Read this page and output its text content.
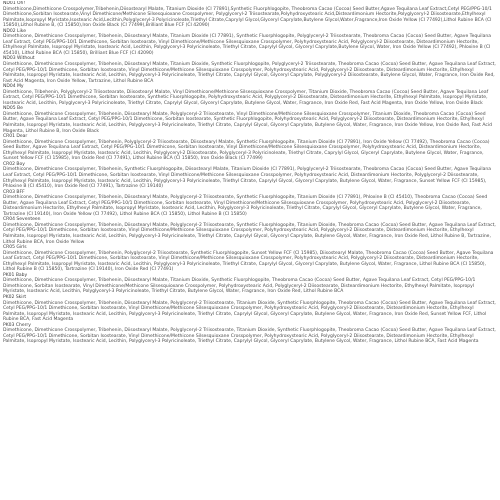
ND01 Oh!
Dimethicone,Dimethicone Crosspolymer,Tribehenin,Diisostearyl Malate, Titanium Dioxide (CI 77891),Synthetic Fluorphlogopite, Theobroma Cacao (Cocoa) Seed Butter,Agave Tequilana Leaf Extract,Cetyl PEG/PPG-10/1 Dimethicone,Sorbitan Isostearate,Vinyl Dimethicone/Methicone Silsesquioxane Crosspolymer, Polyglyceryl-2 Triisostearate,Polyhydroxystearic Acid,Disteardimonium Hectorite,Polyglyceryl-2 Diisostearate,Ethylhexyl Palmitate,Isopropyl Myristate,Isostearic Acid,Lecithin,Polyglyceryl-3 Polyricinoleate,Triethyl Citrate,Caprylyl Glycol,Glyceryl Caprylate,Butylene Glycol,Water,Fragrance,Iron Oxide Yellow (CI 77492),Lithol Rubine BCA (CI 15850),Lithol Rubine B, (CI 15850),Iron Oxide Black (CI 77499),Brilliant Blue FCF (CI 42090)
ND02 Like
Dimethicone, Dimethicone Crosspolymer, Tribehenin, Diisostearyl Malate, Titanium Dioxide (CI 77891), Synthetic Fluorphlogopite, Polyglyceryl-2 Triisostearate, Theobroma Cacao (Cocoa) Seed Butter, Agave Tequilana Leaf Extract, Cetyl PEG/PPG-10/1 Dimethicone, Sorbitan Isostearate, Vinyl Dimethicone/Methicone Silsesquioxane Crosspolymer, Polyhydroxystearic Acid, Polyglyceryl-2 Diisostearate, Disteardimonium Hectorite, Ethylhexyl Palmitate, Isopropyl Myristate, Isostearic Acid, Lecithin, Polyglyceryl-3 Polyricinoleate, Triethyl Citrate, Caprylyl Glycol, Glyceryl Caprylate,Butylene Glycol, Water, Iron Oxide Yellow (CI 77492), Phloxine B (CI 45410), Lithol Rubine BCA (CI 15850), Brilliant Blue FCF (CI 42090)
ND03 Without
Dimethicone, Dimethicone Crosspolymer, Tribehenin, Diisostearyl Malate, Titanium Dioxide, Synthetic Fluorphlogopite, Polyglyceryl-2 Triisostearate, Theobroma Cacao (Cocoa) Seed Butter, Agave Tequilana Leaf Extract, Cetyl PEG/PPG-10/1 Dimethicone, Sorbitan Isostearate, Vinyl Dimethicone/Methicone Silsesquioxane Crosspolymer, Polyhydroxystearic Acid, Polyglyceryl-2 Diisostearate, Disteardimonium Hectorite, Ethylhexyl Palmitate, Isopropyl Myristate, Isostearic Acid, Lecithin, Polyglyceryl-3 Polyricinoleate, Triethyl Citrate, Caprylyl Glycol, Glyceryl Caprylate, Polyglyceryl-2 Diisostearate, Butylene Glycol, Water, Fragrance, Iron Oxide Red, Fast Acid Magenta, Iron Oxide Yellow, Tartrazine, Lithol Rubine BCA
ND04 My
Dimethicone, Tribehenin, Polyglyceryl-2 Triisostearate, Diisostearyl Malate, Vinyl Dimethicone/Methicone Silsesquioxane Crosspolymer, Titanium Dioxide, Theobroma Cacao (Cocoa) Seed Butter, Agave Tequilana Leaf Extract, Cetyl PEG/PPG-10/1 Dimethicone, Sorbitan Isostearate, Synthetic Fluorphlogopite, Polyhydroxystearic Acid, Polyglyceryl-2 Diisostearate, Disteardimonium Hectorite, Ethylhexyl Palmitate, Isopropyl Myristate, Isostearic Acid, Lecithin, Polyglyceryl-3 Polyricinoleate, Triethyl Citrate, Caprylyl Glycol, Glyceryl Caprylate, Butylene Glycol, Water, Fragrance, Iron Oxide Red, Fast Acid Magenta, Iron Oxide Yellow, Iron Oxide Black
ND05 Be
Dimethicone, Dimethicone Crosspolymer, Tribehenin, Diisostearyl Malate, Polyglyceryl-2 Triisostearate, Vinyl Dimethicone/Methicone Silsesquioxane Crosspolymer, Titanium Dioxide, Theobroma Cacao (Cocoa) Seed Butter, Agave Tequilana Leaf Extract, Cetyl PEG/PPG-10/1 Dimethicone, Sorbitan Isostearate, Synthetic Fluorphlogopite, Polyhydroxystearic Acid, Polyglyceryl-2 Diisostearate, Disteardimonium Hectorite, Ethylhexyl Palmitate, Isopropyl Myristate, Isostearic Acid, Lecithin, Polyglyceryl-3 Polyricinoleate, Triethyl Citrate, Caprylyl Glycol, Glyceryl Caprylate, Butylene Glycol, Water, Fragrance, Iron Oxide Yellow, Iron Oxide Red, Fast Acid Magenta, Lithol Rubine B, Iron Oxide Black
CR01 Dear
Dimethicone, Dimethicone Crosspolymer, Tribehenin, Polyglyceryl-2 Triisostearate, Diisostearyl Malate, Synthetic Fluorphlogopite, Titanium Dioxide (CI 77891), Iron Oxide Yellow (CI 77492), Theobroma Cacao (Cocoa) Seed Butter, Agave Tequilana Leaf Extract, Cetyl PEG/PPG-10/1 Dimethicone, Sorbitan Isostearate, Vinyl Dimethicone/Methicone Silsesquioxane Crosspolymer, Polyhydroxystearic Acid, Disteardimonium Hectorite, Ethylhexyl Palmitate, Isopropyl Myristate, Isostearic Acid, Lecithin, Polyglyceryl-2 Diisostearate, Polyglyceryl-3 Polyricinoleate, Triethyl Citrate, Caprylyl Glycol, Glyceryl Caprylate, Butylene Glycol, Water, Fragrance, Sunset Yellow FCF (CI 15985), Iron Oxide Red (CI 77491), Lithol Rubine BCA (CI 15850), Iron Oxide Black (CI 77499)
CR02 Boy
Dimethicone, Dimethicone Crosspolymer, Tribehenin, Synthetic Fluorphlogopite, Diisostearyl Malate, Titanium Dioxide (CI 77891), Polyglyceryl-2 Triisostearate, Theobroma Cacao (Cocoa) Seed Butter, Agave Tequilana Leaf Extract, Cetyl PEG/PPG-10/1 Dimethicone, Sorbitan Isostearate, Vinyl Dimethicone/Methicone Silsesquioxane Crosspolymer, Polyhydroxystearic Acid, Disteardimonium Hectorite, Polyglyceryl-2 Diisostearate, Ethylhexyl Palmitate, Isopropyl Myristate, Isostearic Acid, Lecithin, Polyglyceryl-3 Polyricinoleate, Triethyl Citrate, Caprylyl Glycol, Glyceryl Caprylate, Butylene Glycol, Water, Fragrance, Sunset Yellow FCF (CI 15985), Phloxine B (CI 45410), Iron Oxide Red (CI 77491), Tartrazine (CI 19140)
CR03 BFF
Dimethicone, Dimethicone Crosspolymer, Tribehenin, Diisostearyl Malate, Polyglyceryl-2 Triisostearate, Synthetic Fluorphlogopite, Titanium Dioxide (CI 77891), Phloxine B (CI 45410), Theobroma Cacao (Cocoa) Seed Butter, Agave Tequilana Leaf Extract, Cetyl PEG/PPG-10/1 Dimethicone, Sorbitan Isostearate, Vinyl Dimethicone/Methicone Silsesquioxane Crosspolymer, Polyhydroxystearic Acid, Polyglyceryl-2 Diisostearate, Disteardimonium Hectorite, Ethylhexyl Palmitate, Isopropyl Myristate, Isostearic Acid, Lecithin, Polyglyceryl-3 Polyricinoleate, Triethyl Citrate, Caprylyl Glycol, Glyceryl Caprylate, Butylene Glycol, Water, Fragrance, Tartrazine (CI 19140), Iron Oxide Yellow (CI 77492), Lithol Rubine BCA (CI 15850), Lithol Rubine B (CI 15850)
CR04 Seventeen
Dimethicone, Dimethicone Crosspolymer, Tribehenin, Diisostearyl Malate, Polyglyceryl-2 Triisostearate, Synthetic Fluorphlogopite, Titanium Dioxide, Theobroma Cacao (Cocoa) Seed Butter, Agave Tequilana Leaf Extract, Cetyl PEG/PPG-10/1 Dimethicone, Sorbitan Isostearate, Vinyl Dimethicone/Methicone Silsesquioxane Crosspolymer, Polyhydroxystearic Acid, Polyglyceryl-2 Diisostearate, Disteardimonium Hectorite, Ethylhexyl Palmitate, Isopropyl Myristate, Isostearic Acid, Lecithin, Polyglyceryl-3 Polyricinoleate, Triethyl Citrate, Caprylyl Glycol, Glyceryl Caprylate, Butylene Glycol, Water, Fragrance, Iron Oxide Red, Lithol Rubine B, Tartrazine, Lithol Rubine BCA, Iron Oxide Yellow
CR05 Girls
Dimethicone, Dimethicone Crosspolymer, Tribehenin, Polyglyceryl-2 Triisostearate, Synthetic Fluorphlogopite, Sunset Yellow FCF (CI 15985), Diisostearyl Malate, Theobroma Cacao (Cocoa) Seed Butter, Agave Tequilana Leaf Extract, Cetyl PEG/PPG-10/1 Dimethicone, Sorbitan Isostearate, Vinyl Dimethicone/Methicone Silsesquioxane Crosspolymer, Polyhydroxystearic Acid, Polyglyceryl-2 Diisostearate, Disteardimonium Hectorite, Ethylhexyl Palmitate, Isopropyl Myristate, Isostearic Acid, Lecithin, Polyglyceryl-3 Polyricinoleate, Triethyl Citrate, Caprylyl Glycol, Glyceryl Caprylate, Butylene Glycol, Water, Fragrance, Lithol Rubine BCA (CI 15850), Lithol Rubine B (CI 15850), Tartrazine (CI 19140), Iron Oxide Red (CI 77491)
PK01 Baby
Dimethicone, Dimethicone Crosspolymer, Tribehenin, Diisostearyl Malate, Titanium Dioxide, Synthetic Fluorphlogopite, Theobroma Cacao (Cocoa) Seed Butter, Agave Tequilana Leaf Extract, Cetyl PEG/PPG-10/1 Dimethicone, Sorbitan Isostearate, Vinyl Dimethicone/Methicone Silsesquioxane Crosspolymer, Polyhydroxystearic Acid, Polyglyceryl-2 Diisostearate, Disteardimonium Hectorite, Ethylhexyl Palmitate, Isopropyl Myristate, Isostearic Acid, Lecithin, Polyglyceryl-3 Polyricinoleate, Triethyl Citrate, Butylene Glycol, Water, Fragrance, Iron Oxide Red, Lithol Rubine BCA
PK02 Skirt
Dimethicone, Dimethicone Crosspolymer, Tribehenin, Diisostearyl Malate, Polyglyceryl-2 Triisostearate, Titanium Dioxide, Synthetic Fluorphlogopite, Theobroma Cacao (Cocoa) Seed Butter, Agave Tequilana Leaf Extract, Cetyl PEG/PPG-10/1 Dimethicone, Sorbitan Isostearate, Vinyl Dimethicone/Methicone Silsesquioxane Crosspolymer, Polyhydroxystearic Acid, Polyglyceryl-2 Diisostearate, Disteardimonium Hectorite, Ethylhexyl Palmitate, Isopropyl Myristate, Isostearic Acid, Lecithin, Polyglyceryl-3 Polyricinoleate, Triethyl Citrate, Caprylyl Glycol, Glyceryl Caprylate, Butylene Glycol, Water, Fragrance, Iron Oxide Red, Sunset Yellow FCF, Lithol Rubine BCA, Fast Acid Magenta
PK03 Cherry
Dimethicone, Dimethicone Crosspolymer, Tribehenin, Diisostearyl Malate, Polyglyceryl-2 Triisostearate, Titanium Dioxide, Synthetic Fluorphlogopite, Theobroma Cacao (Cocoa) Seed Butter, Agave Tequilana Leaf Extract, Cetyl PEG/PPG-10/1 Dimethicone, Sorbitan Isostearate, Vinyl Dimethicone/Methicone Silsesquioxane Crosspolymer, Polyhydroxystearic Acid, Polyglyceryl-2 Diisostearate, Disteardimonium Hectorite, Ethylhexyl Palmitate, Isopropyl Myristate, Isostearic Acid, Lecithin, Polyglyceryl-3 Polyricinoleate, Triethyl Citrate, Caprylyl Glycol, Glyceryl Caprylate, Butylene Glycol, Water, Fragrance, Lithol Rubine BCA, Fast Acid Magenta
